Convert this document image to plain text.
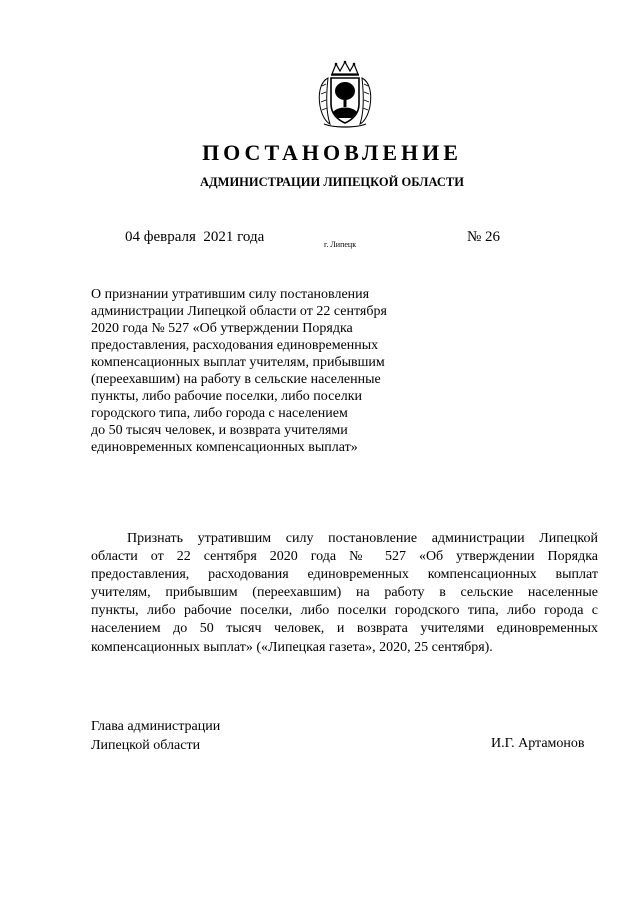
ПОСТАНОВЛЕНИЕ
АДМИНИСТРАЦИИ ЛИПЕЦКОЙ ОБЛАСТИ
04 февраля  2021 года	г. Липецк	№ 26
О признании утратившим силу постановления
администрации Липецкой области от 22 сентября
2020 года № 527 «Об утверждении Порядка
предоставления, расходования единовременных
компенсационных выплат учителям, прибывшим
(переехавшим) на работу в сельские населенные
пункты, либо рабочие поселки, либо поселки
городского типа, либо города с населением
до 50 тысяч человек, и возврата учителями
единовременных компенсационных выплат»
Признать утратившим силу постановление администрации Липецкой
области от 22 сентября 2020 года № 527 «Об утверждении Порядка
предоставления, расходования единовременных компенсационных выплат
учителям, прибывшим (переехавшим) на работу в сельские населенные
пункты, либо рабочие поселки, либо поселки городского типа, либо города с
населением до 50 тысяч человек, и возврата учителями единовременных
компенсационных выплат» («Липецкая газета», 2020, 25 сентября).
Глава администрации
Липецкой области	И.Г. Артамонов
